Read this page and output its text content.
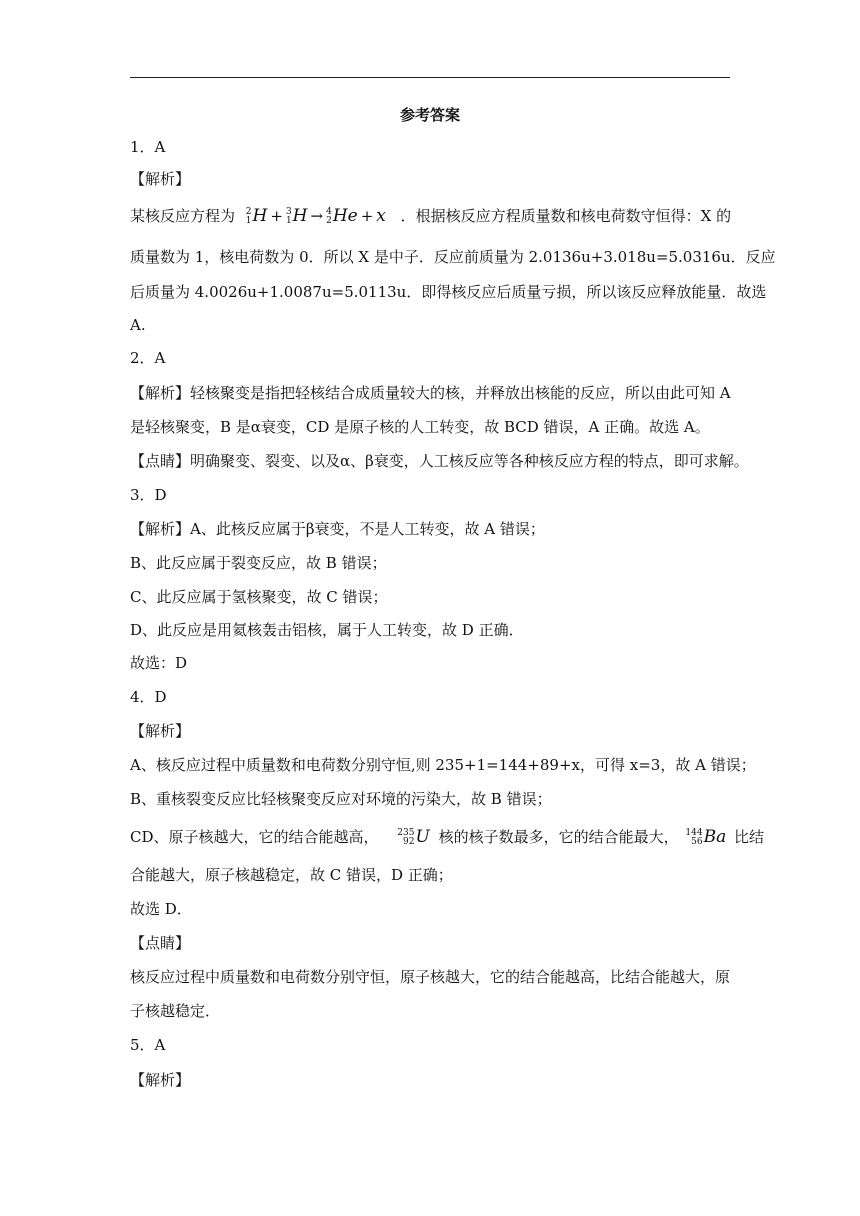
参考答案
1．A
【解析】
某核反应方程为 2
1 H + 3
1 H → 4
2 He + x ．根据核反应方程质量数和核电荷数守恒得：X 的
质量数为 1，核电荷数为 0．所以 X 是中子．反应前质量为 2.0136u+3.018u=5.0316u．反应
后质量为 4.0026u+1.0087u=5.0113u．即得核反应后质量亏损，所以该反应释放能量．故选
A.
2．A
【解析】轻核聚变是指把轻核结合成质量较大的核，并释放出核能的反应，所以由此可知 A
是轻核聚变，B 是α衰变，CD 是原子核的人工转变，故 BCD 错误，A 正确。故选 A。
【点睛】明确聚变、裂变、以及α、β衰变，人工核反应等各种核反应方程的特点，即可求解。
3．D
【解析】A、此核反应属于β衰变，不是人工转变，故 A 错误；
B、此反应属于裂变反应，故 B 错误；
C、此反应属于氢核聚变，故 C 错误；
D、此反应是用氦核轰击铝核，属于人工转变，故 D 正确．
故选：D
4．D
【解析】
A、核反应过程中质量数和电荷数分别守恒,则 235+1=144+89+x，可得 x=3，故 A 错误；
B、重核裂变反应比轻核聚变反应对环境的污染大，故 B 错误；
CD、原子核越大，它的结合能越高， 235
92 U 核的核子数最多，它的结合能最大， 144
56 Ba 比结
合能越大，原子核越稳定，故 C 错误，D 正确；
故选 D．
【点睛】
核反应过程中质量数和电荷数分别守恒，原子核越大，它的结合能越高，比结合能越大，原
子核越稳定．
5．A
【解析】
